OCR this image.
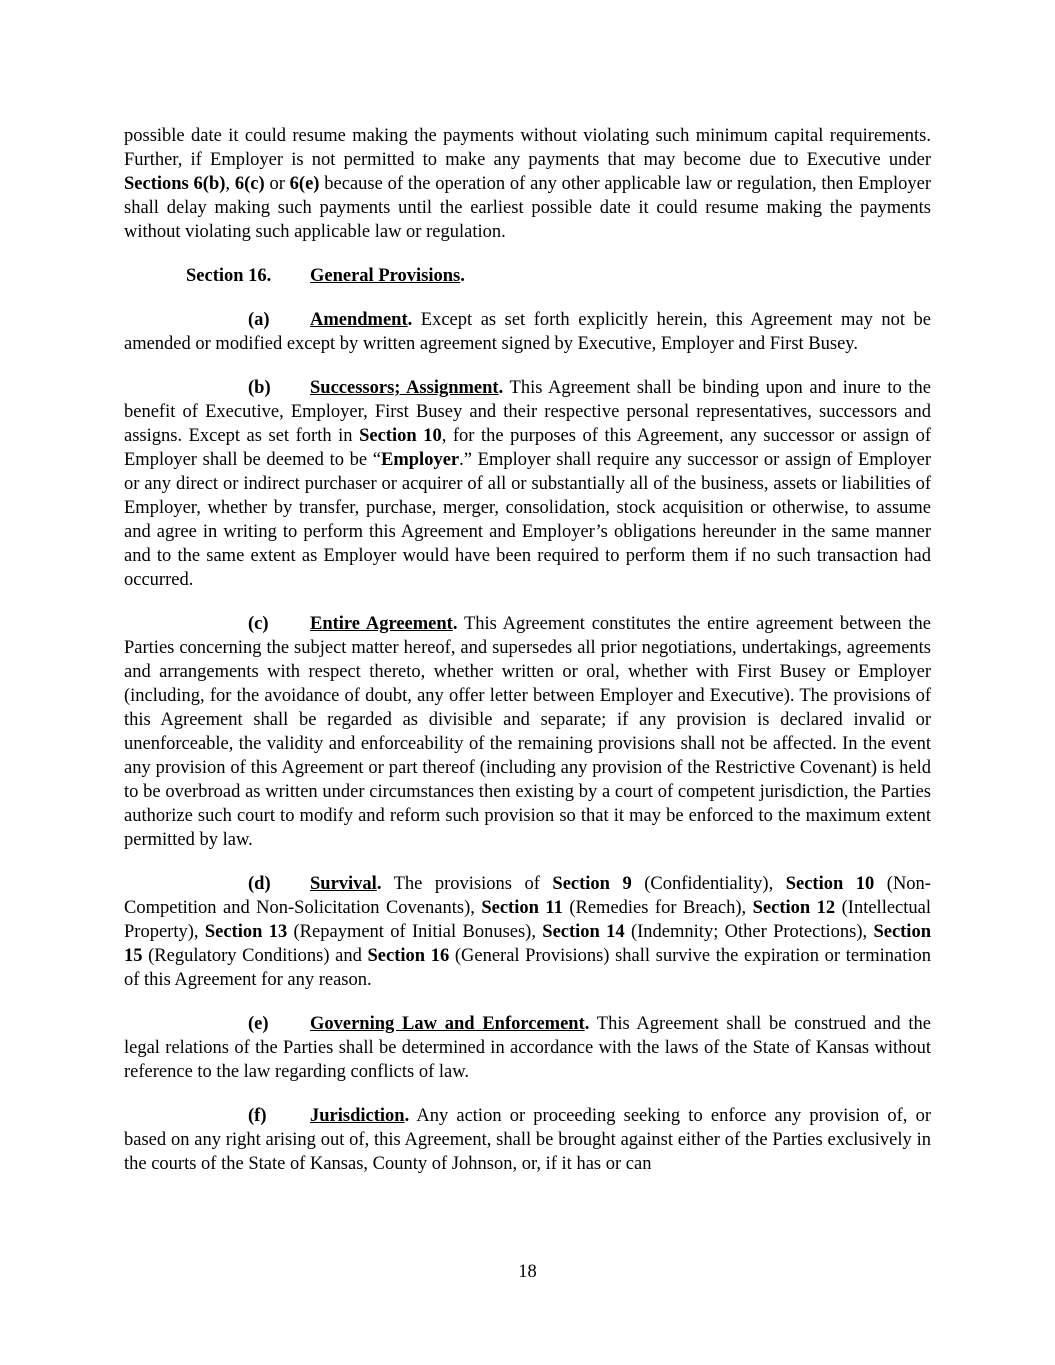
possible date it could resume making the payments without violating such minimum capital requirements. Further, if Employer is not permitted to make any payments that may become due to Executive under Sections 6(b), 6(c) or 6(e) because of the operation of any other applicable law or regulation, then Employer shall delay making such payments until the earliest possible date it could resume making the payments without violating such applicable law or regulation.

Section 16. General Provisions.

(a) Amendment. Except as set forth explicitly herein, this Agreement may not be amended or modified except by written agreement signed by Executive, Employer and First Busey.

(b) Successors; Assignment. This Agreement shall be binding upon and inure to the benefit of Executive, Employer, First Busey and their respective personal representatives, successors and assigns. Except as set forth in Section 10, for the purposes of this Agreement, any successor or assign of Employer shall be deemed to be “Employer.” Employer shall require any successor or assign of Employer or any direct or indirect purchaser or acquirer of all or substantially all of the business, assets or liabilities of Employer, whether by transfer, purchase, merger, consolidation, stock acquisition or otherwise, to assume and agree in writing to perform this Agreement and Employer’s obligations hereunder in the same manner and to the same extent as Employer would have been required to perform them if no such transaction had occurred.

(c) Entire Agreement. This Agreement constitutes the entire agreement between the Parties concerning the subject matter hereof, and supersedes all prior negotiations, undertakings, agreements and arrangements with respect thereto, whether written or oral, whether with First Busey or Employer (including, for the avoidance of doubt, any offer letter between Employer and Executive). The provisions of this Agreement shall be regarded as divisible and separate; if any provision is declared invalid or unenforceable, the validity and enforceability of the remaining provisions shall not be affected. In the event any provision of this Agreement or part thereof (including any provision of the Restrictive Covenant) is held to be overbroad as written under circumstances then existing by a court of competent jurisdiction, the Parties authorize such court to modify and reform such provision so that it may be enforced to the maximum extent permitted by law.

(d) Survival. The provisions of Section 9 (Confidentiality), Section 10 (Non-Competition and Non-Solicitation Covenants), Section 11 (Remedies for Breach), Section 12 (Intellectual Property), Section 13 (Repayment of Initial Bonuses), Section 14 (Indemnity; Other Protections), Section 15 (Regulatory Conditions) and Section 16 (General Provisions) shall survive the expiration or termination of this Agreement for any reason.

(e) Governing Law and Enforcement. This Agreement shall be construed and the legal relations of the Parties shall be determined in accordance with the laws of the State of Kansas without reference to the law regarding conflicts of law.

(f) Jurisdiction. Any action or proceeding seeking to enforce any provision of, or based on any right arising out of, this Agreement, shall be brought against either of the Parties exclusively in the courts of the State of Kansas, County of Johnson, or, if it has or can

18
